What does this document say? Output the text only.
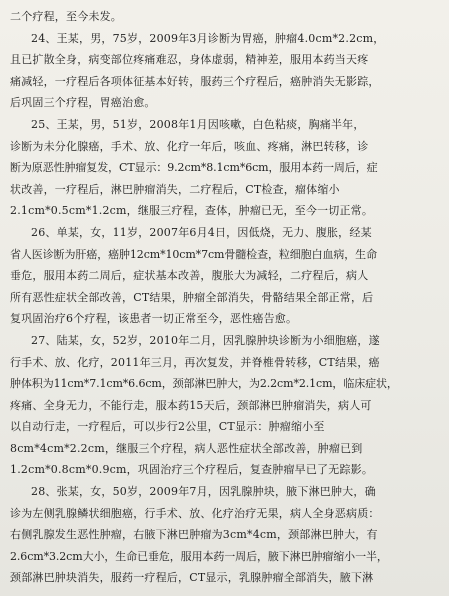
二个疗程，至今未发。
24、王某，男，75岁，2009年3月诊断为胃癌，肿瘤4.0cm*2.2cm，
且已扩散全身，病变部位疼痛难忍，身体虚弱，精神差，服用本药当天疼
痛减轻，一疗程后各项体征基本好转，服药三个疗程后，癌肿消失无影踪，
后巩固三个疗程，胃癌治愈。
25、王某，男，51岁，2008年1月因咳嗽，白色粘痰，胸痛半年，
诊断为未分化腺癌，手术、放、化疗一年后，咳血、疼痛，淋巴转移，诊
断为原恶性肿瘤复发，CT显示：9.2cm*8.1cm*6cm，服用本药一周后，症
状改善，一疗程后，淋巴肿瘤消失，二疗程后，CT检查，瘤体缩小
2.1cm*0.5cm*1.2cm，继服三疗程，查体，肿瘤已无，至今一切正常。
26、单某，女，11岁，2007年6月4日，因低烧，无力、腹胀，经某
省人医诊断为肝癌，癌肿12cm*10cm*7cm骨髓检查，粒细胞白血病，生命
垂危，服用本药二周后，症状基本改善，腹胀大为减轻，二疗程后，病人
所有恶性症状全部改善，CT结果，肿瘤全部消失，骨骼结果全部正常，后
复巩固治疗6个疗程，该患者一切正常至今，恶性癌告愈。
27、陆某，女，52岁，2010年二月，因乳腺肿块诊断为小细胞癌，遂
行手术、放、化疗，2011年三月，再次复发，并脊椎骨转移，CT结果，癌
肿体积为11cm*7.1cm*6.6cm，颈部淋巴肿大，为2.2cm*2.1cm，临床症状，
疼痛、全身无力，不能行走，服本药15天后，颈部淋巴肿瘤消失，病人可
以自动行走，一疗程后，可以步行2公里，CT显示：肿瘤缩小至
8cm*4cm*2.2cm，继服三个疗程，病人恶性症状全部改善，肿瘤已到
1.2cm*0.8cm*0.9cm，巩固治疗三个疗程后，复查肿瘤早已了无踪影。
28、张某，女，50岁，2009年7月，因乳腺肿块，腋下淋巴肿大，确
诊为左侧乳腺鳞状细胞癌，行手术、放、化疗治疗无果，病人全身恶病质：
右侧乳腺发生恶性肿瘤，右腋下淋巴肿瘤为3cm*4cm，颈部淋巴肿大，有
2.6cm*3.2cm大小，生命已垂危，服用本药一周后，腋下淋巴肿瘤缩小一半，
颈部淋巴肿块消失，服药一疗程后，CT显示，乳腺肿瘤全部消失，腋下淋
